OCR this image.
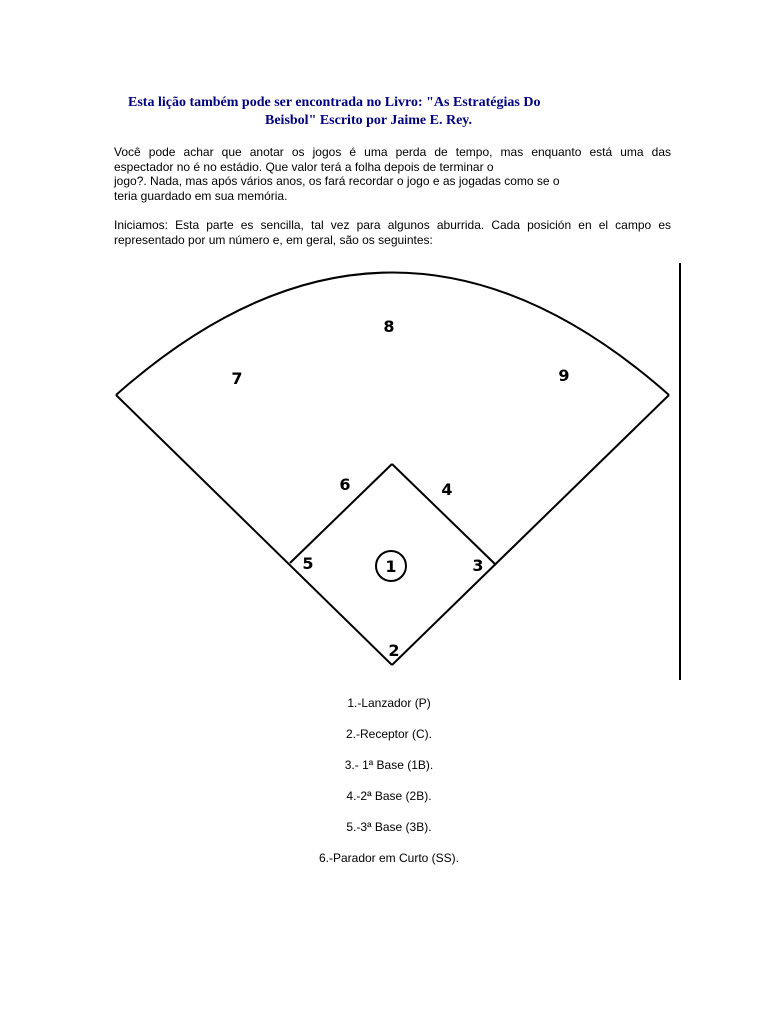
Esta lição também pode ser encontrada no Livro: "As Estratégias Do
Beisbol" Escrito por Jaime E. Rey.
Você pode achar que anotar os jogos é uma perda de tempo, mas enquanto está uma das
espectador no é no estádio. Que valor terá a folha depois de terminar o
jogo?. Nada, mas após vários anos, os fará recordar o jogo e as jogadas como se o
teria guardado em sua memória.
Iniciamos: Esta parte es sencilla, tal vez para algunos aburrida. Cada posición en el campo es
representado por um número e, em geral, são os seguintes:
8
7	9
6	4
5	1	3
2
1.-Lanzador (P)
2.-Receptor (C).
3.- 1ª Base (1B).
4.-2ª Base (2B).
5.-3ª Base (3B).
6.-Parador em Curto (SS).
